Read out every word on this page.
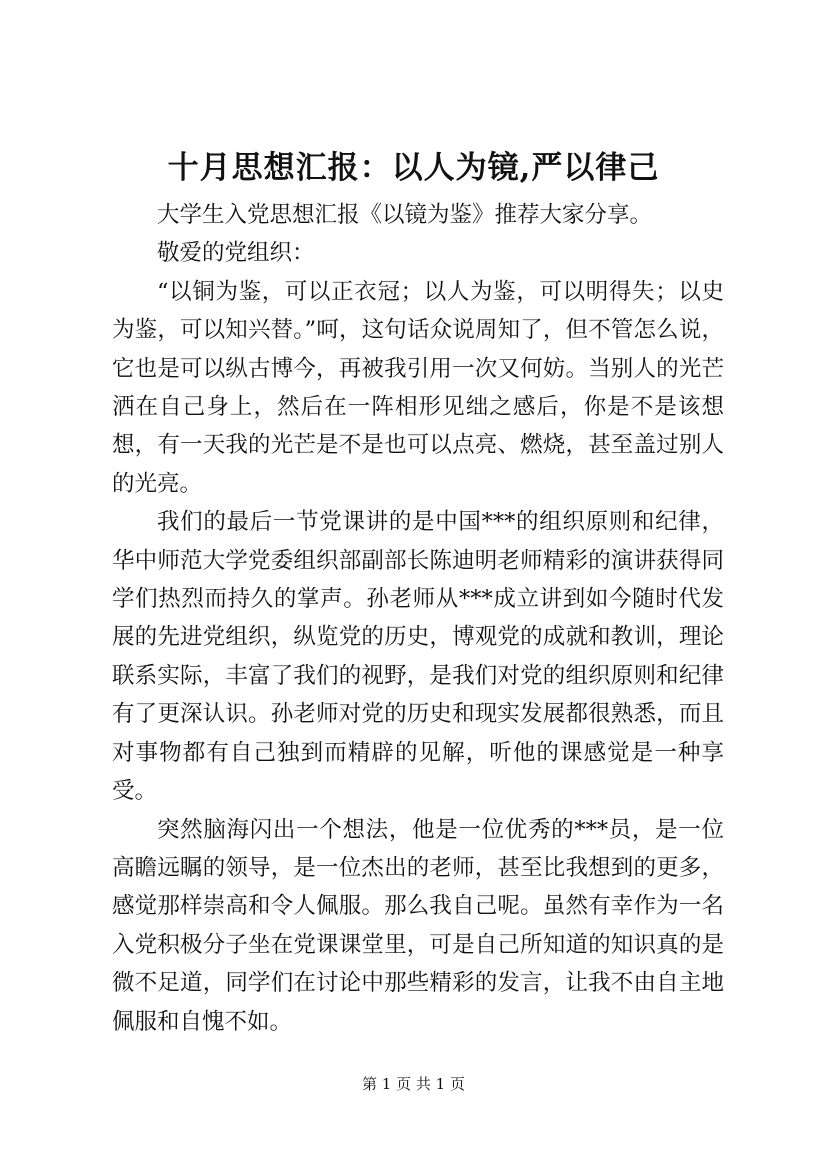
十月思想汇报：以人为镜,严以律己

大学生入党思想汇报《以镜为鉴》推荐大家分享。

敬爱的党组织：

“以铜为鉴，可以正衣冠；以人为鉴，可以明得失；以史为鉴，可以知兴替。”呵，这句话众说周知了，但不管怎么说，它也是可以纵古博今，再被我引用一次又何妨。当别人的光芒洒在自己身上，然后在一阵相形见绌之感后，你是不是该想想，有一天我的光芒是不是也可以点亮、燃烧，甚至盖过别人的光亮。

我们的最后一节党课讲的是中国***的组织原则和纪律，华中师范大学党委组织部副部长陈迪明老师精彩的演讲获得同学们热烈而持久的掌声。孙老师从***成立讲到如今随时代发展的先进党组织，纵览党的历史，博观党的成就和教训，理论联系实际，丰富了我们的视野，是我们对党的组织原则和纪律有了更深认识。孙老师对党的历史和现实发展都很熟悉，而且对事物都有自己独到而精辟的见解，听他的课感觉是一种享受。

突然脑海闪出一个想法，他是一位优秀的***员，是一位高瞻远瞩的领导，是一位杰出的老师，甚至比我想到的更多，感觉那样崇高和令人佩服。那么我自己呢。虽然有幸作为一名入党积极分子坐在党课课堂里，可是自己所知道的知识真的是微不足道，同学们在讨论中那些精彩的发言，让我不由自主地佩服和自愧不如。

第 1 页 共 1 页
